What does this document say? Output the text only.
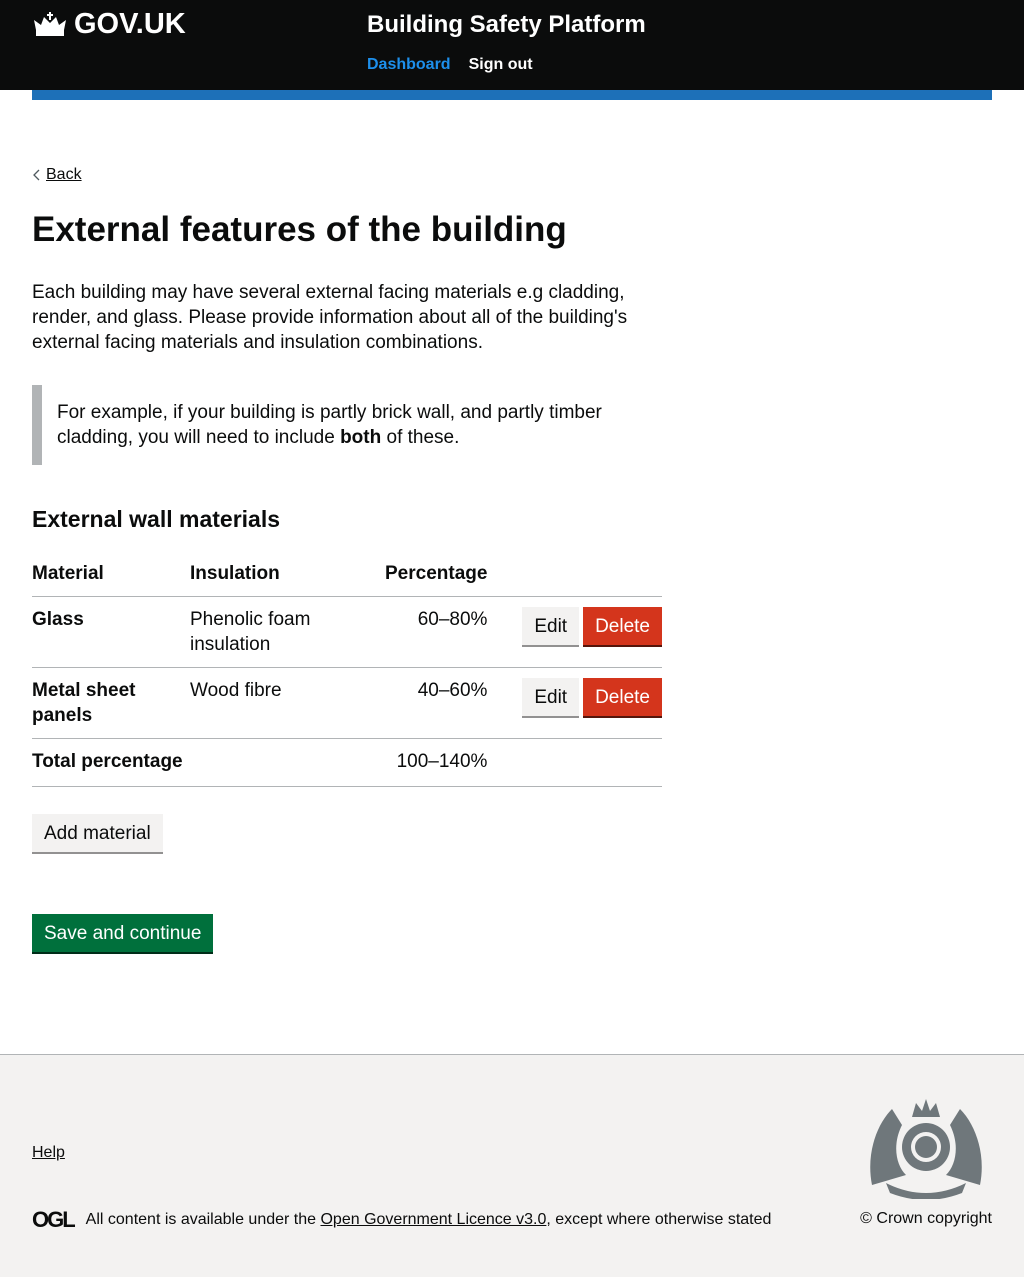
GOV.UK	Building Safety Platform
Dashboard Sign out
Back
External features of the building

Each building may have several external facing materials e.g cladding, render, and glass. Please provide information about all of the building's external facing materials and insulation combinations.

For example, if your building is partly brick wall, and partly timber cladding, you will need to include both of these.
External wall materials
Material	Insulation	Percentage	
Glass	Phenolic foam insulation	60–80%	Edit Delete
Metal sheet panels	Wood fibre	40–60%	Edit Delete
Total percentage		100–140%	
Add material
Save and continue
Help
OGL All content is available under the Open Government Licence v3.0, except where otherwise stated	© Crown copyright
